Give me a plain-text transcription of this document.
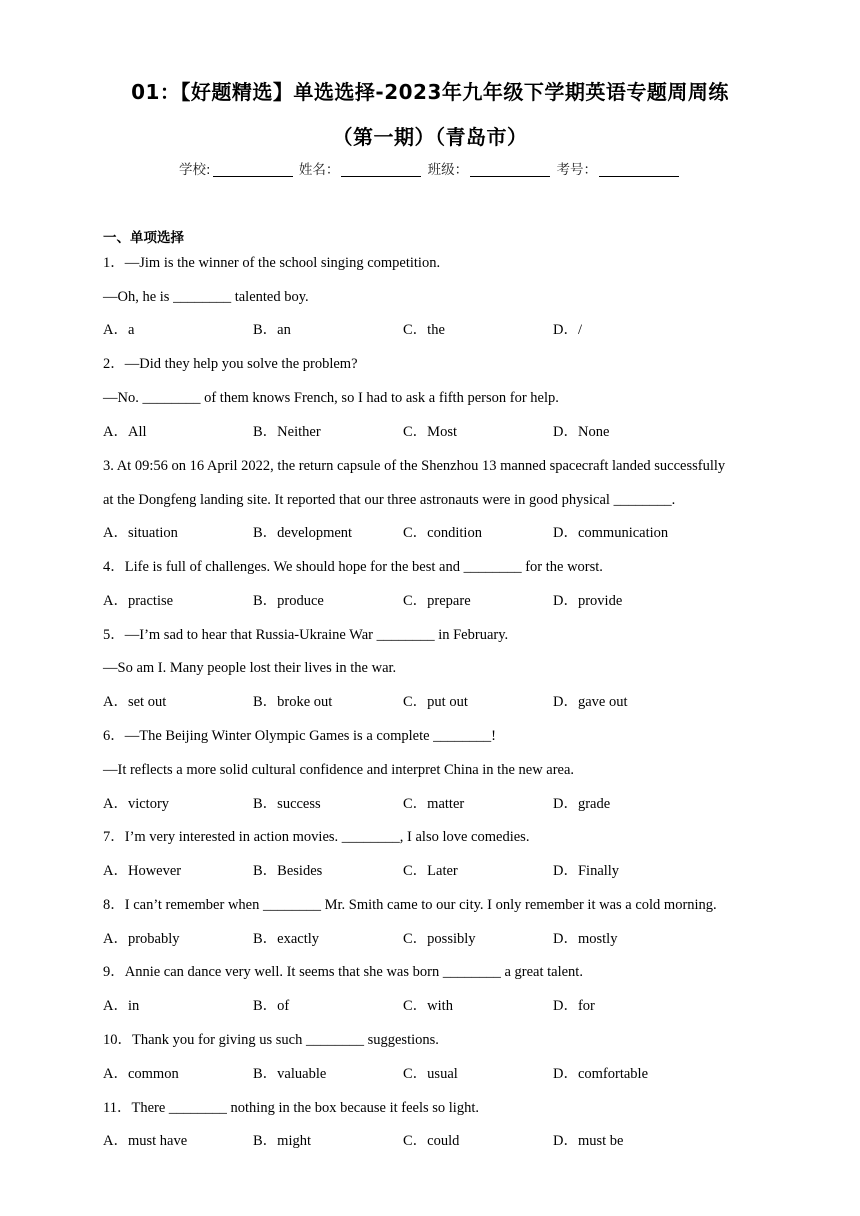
01：【好题精选】单选选择-2023年九年级下学期英语专题周周练
（第一期）（青岛市）
学校:	姓名：	班级：	考号：
一、单项选择
1．—Jim is the winner of the school singing competition.
—Oh, he is ________ talented boy.
A．a	B．an	C．the	D．/
2．—Did they help you solve the problem?
—No. ________ of them knows French, so I had to ask a fifth person for help.
A．All	B．Neither	C．Most	D．None
3. At 09:56 on 16 April 2022, the return capsule of the Shenzhou 13 manned spacecraft landed successfully
at the Dongfeng landing site. It reported that our three astronauts were in good physical ________.
A．situation	B．development	C．condition	D．communication
4．Life is full of challenges. We should hope for the best and ________ for the worst.
A．practise	B．produce	C．prepare	D．provide
5．—I’m sad to hear that Russia-Ukraine War ________ in February.
—So am I. Many people lost their lives in the war.
A．set out	B．broke out	C．put out	D．gave out
6．—The Beijing Winter Olympic Games is a complete ________!
—It reflects a more solid cultural confidence and interpret China in the new area.
A．victory	B．success	C．matter	D．grade
7．I’m very interested in action movies. ________, I also love comedies.
A．However	B．Besides	C．Later	D．Finally
8．I can’t remember when ________ Mr. Smith came to our city. I only remember it was a cold morning.
A．probably	B．exactly	C．possibly	D．mostly
9．Annie can dance very well. It seems that she was born ________ a great talent.
A．in	B．of	C．with	D．for
10．Thank you for giving us such ________ suggestions.
A．common	B．valuable	C．usual	D．comfortable
11．There ________ nothing in the box because it feels so light.
A．must have	B．might	C．could	D．must be
